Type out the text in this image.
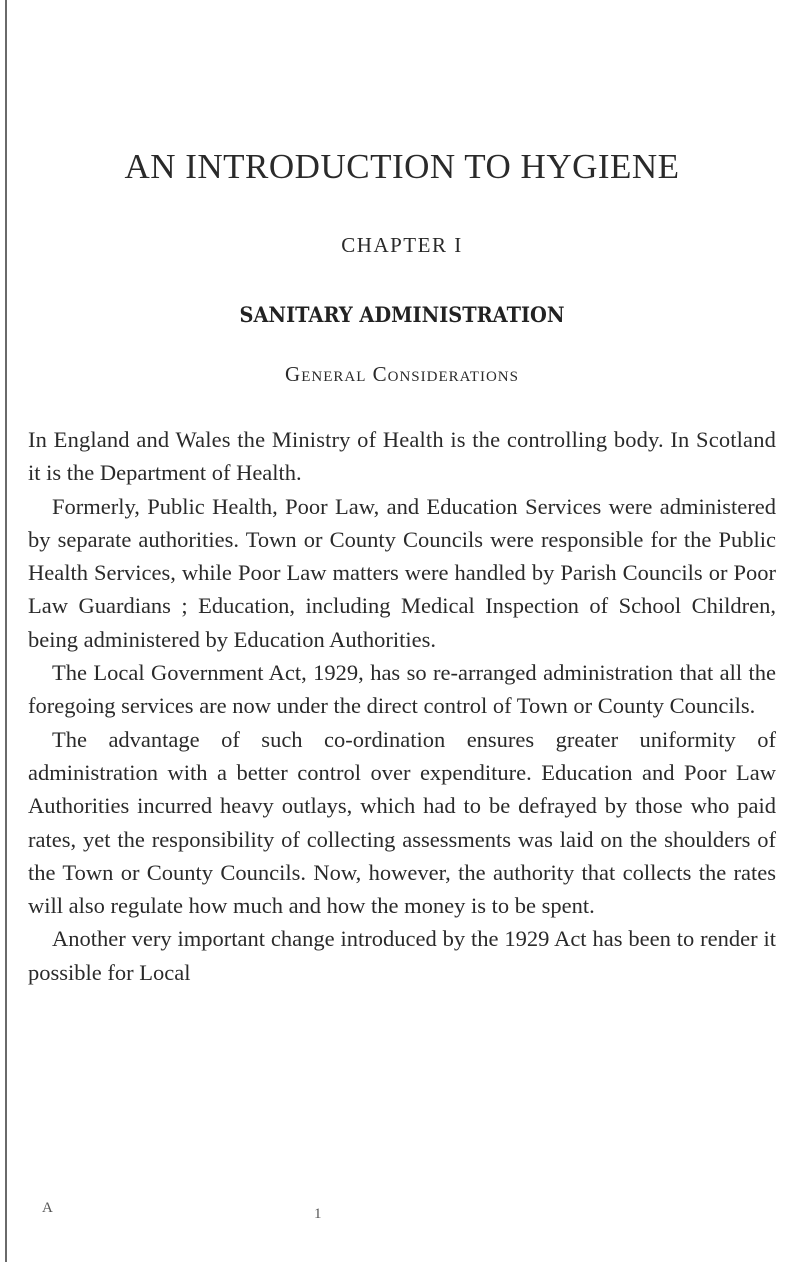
AN INTRODUCTION TO HYGIENE
CHAPTER I
SANITARY ADMINISTRATION
General Considerations

In England and Wales the Ministry of Health is the controlling body. In Scotland it is the Department of Health.

Formerly, Public Health, Poor Law, and Education Services were administered by separate authorities. Town or County Councils were responsible for the Public Health Services, while Poor Law matters were handled by Parish Councils or Poor Law Guardians ; Education, including Medical Inspection of School Children, being administered by Education Authorities.

The Local Government Act, 1929, has so re-arranged administration that all the foregoing services are now under the direct control of Town or County Councils.

The advantage of such co-ordination ensures greater uniformity of administration with a better control over expenditure. Education and Poor Law Authorities incurred heavy outlays, which had to be defrayed by those who paid rates, yet the responsibility of collecting assessments was laid on the shoulders of the Town or County Councils. Now, however, the authority that collects the rates will also regulate how much and how the money is to be spent.

Another very important change introduced by the 1929 Act has been to render it possible for Local

A	1
